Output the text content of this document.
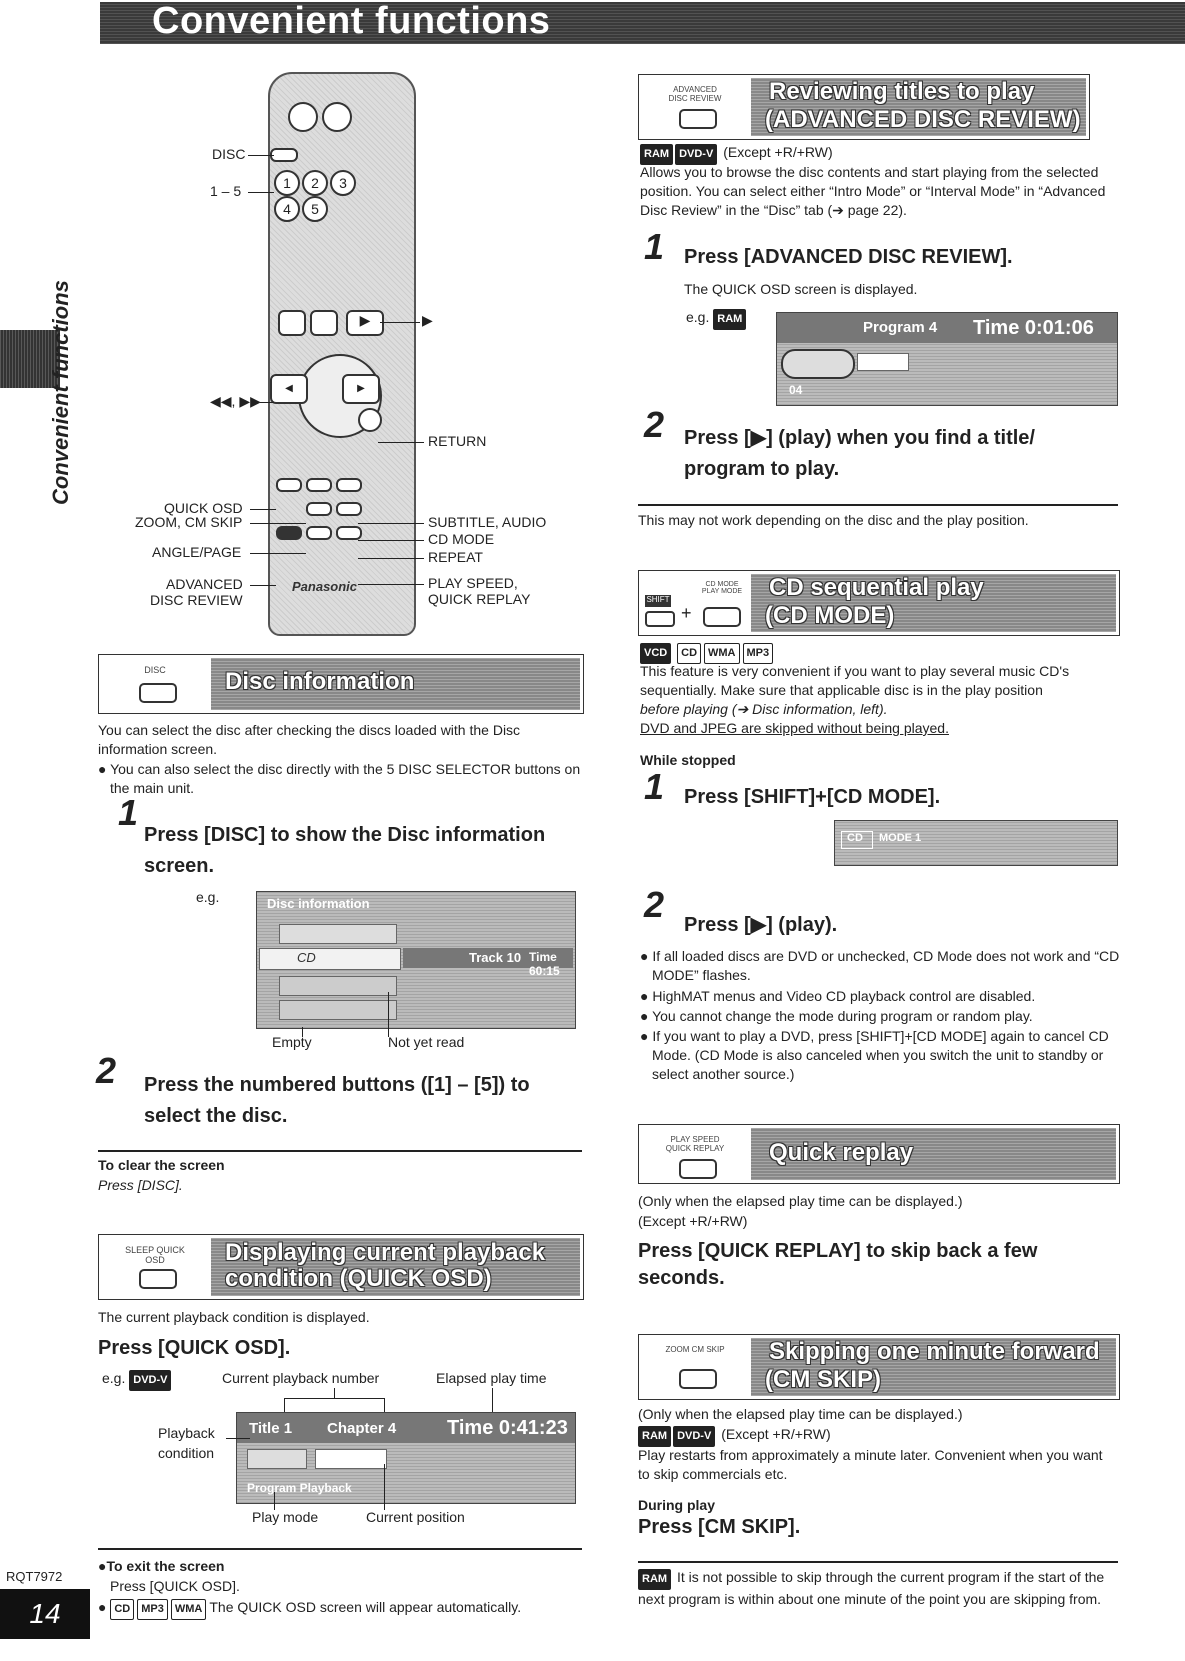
Convenient functions
Convenient functions
RQT7972
14
1	2	3
4	5
▶
◀	▶
Panasonic
DISC
1 – 5
◀◀, ▶▶
QUICK OSD
ZOOM, CM SKIP
ANGLE/PAGE
ADVANCED
DISC REVIEW
▶
RETURN
SUBTITLE, AUDIO
CD MODE
REPEAT
PLAY SPEED,
QUICK REPLAY
DISC	Disc information
You can select the disc after checking the discs loaded with the Disc information screen.
● You can also select the disc directly with the 5 DISC SELECTOR buttons on the main unit.
1
Press [DISC] to show the Disc information screen.
e.g.	Disc information
CD	Track 10 Time 60:15
Empty	Not yet read
2 Press the numbered buttons ([1] – [5]) to select the disc.
To clear the screen
Press [DISC].
SLEEP QUICK OSD	Displaying current playback condition (QUICK OSD)
The current playback condition is displayed.
Press [QUICK OSD].
e.g. DVD-V	Current playback number	Elapsed play time
Title 1 Chapter 4	Time 0:41:23
Program Playback
Playback
condition
Play mode	Current position
●To exit the screen
Press [QUICK OSD].
● CD MP3 WMA The QUICK OSD screen will appear automatically.
ADVANCED DISC REVIEW Reviewing titles to play
(ADVANCED DISC REVIEW)
RAM DVD-V (Except +R/+RW)
Allows you to browse the disc contents and start playing from the selected position. You can select either “Intro Mode” or “Interval Mode” in “Advanced Disc Review” in the “Disc” tab (➔ page 22).
1 Press [ADVANCED DISC REVIEW].
The QUICK OSD screen is displayed.
e.g. RAM	Program 4 Time 0:01:06
04
2 Press [▶] (play) when you find a title/ program to play.
This may not work depending on the disc and the play position.
SHIFT
+
CD MODE PLAY MODE CD sequential play
(CD MODE)
VCD CD WMA MP3
This feature is very convenient if you want to play several music CD's sequentially. Make sure that applicable disc is in the play position
before playing (➔ Disc information, left).
DVD and JPEG are skipped without being played.
While stopped
1 Press [SHIFT]+[CD MODE].
CD MODE 1
2 Press [▶] (play).
● If all loaded discs are DVD or unchecked, CD Mode does not work and “CD MODE” flashes.
● HighMAT menus and Video CD playback control are disabled.
● You cannot change the mode during program or random play.
● If you want to play a DVD, press [SHIFT]+[CD MODE] again to cancel CD Mode. (CD Mode is also canceled when you switch the unit to standby or select another source.)
PLAY SPEED QUICK REPLAY Quick replay
(Only when the elapsed play time can be displayed.)
(Except +R/+RW)
Press [QUICK REPLAY] to skip back a few seconds.
ZOOM CM SKIP Skipping one minute forward
(CM SKIP)
(Only when the elapsed play time can be displayed.)
RAM DVD-V (Except +R/+RW)
Play restarts from approximately a minute later. Convenient when you want to skip commercials etc.
During play
Press [CM SKIP].
RAM It is not possible to skip through the current program if the start of the next program is within about one minute of the point you are skipping from.
